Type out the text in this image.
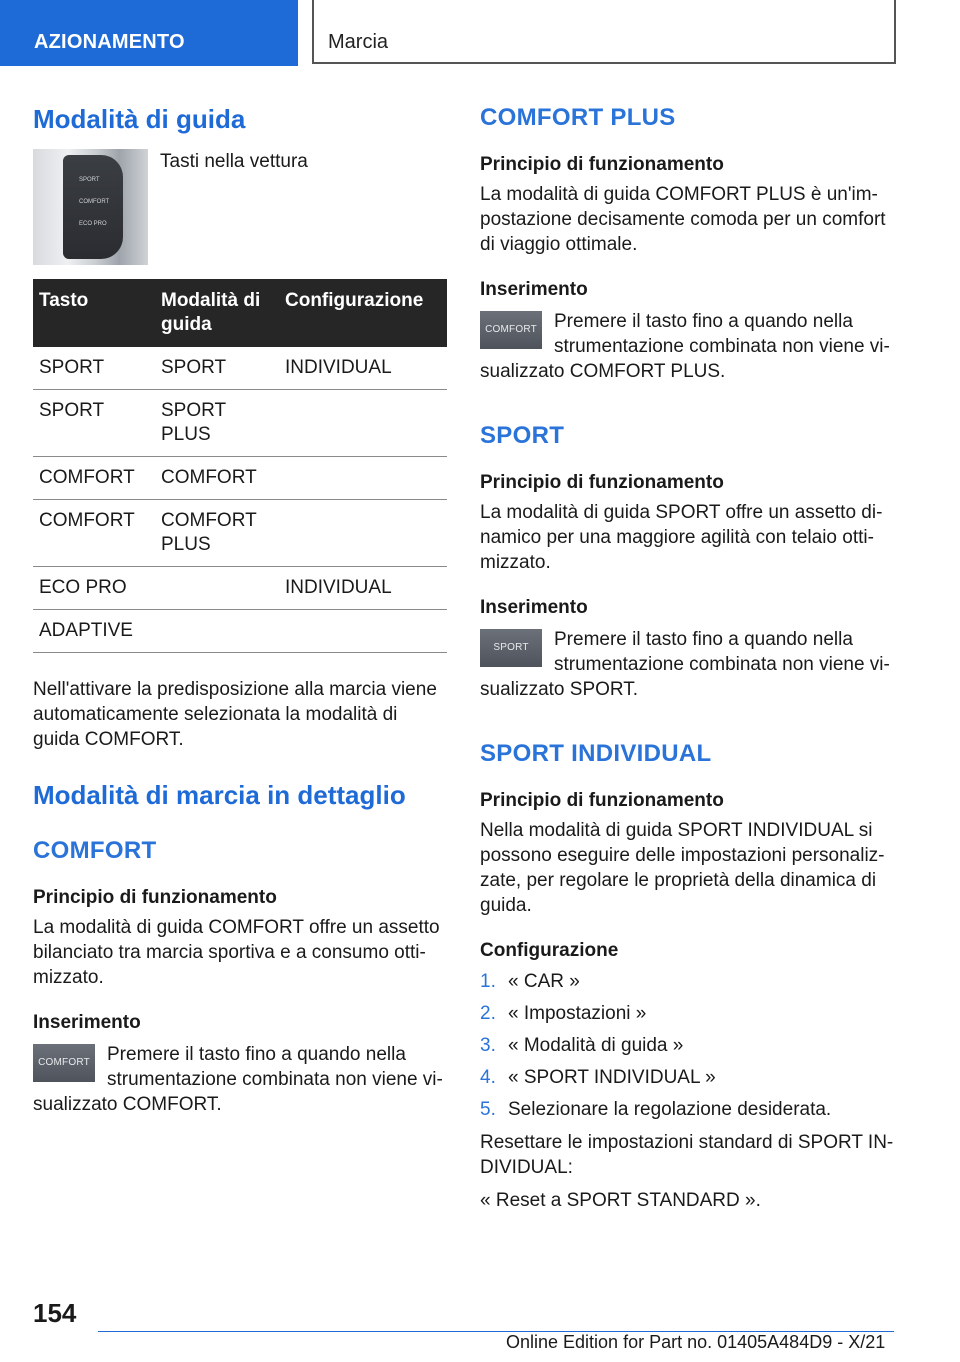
AZIONAMENTO	Marcia
Modalità di guida
SPORT
COMFORT
ECO PRO

Tasti nella vettura

Tasto	Modalità di guida	Configurazione
SPORT	SPORT	INDIVIDUAL
SPORT	SPORT PLUS	
COMFORT	COMFORT	
COMFORT	COMFORT PLUS	
ECO PRO		INDIVIDUAL
ADAPTIVE		

Nell'attivare la predisposizione alla marcia viene automaticamente selezionata la modalità di guida COMFORT.

Modalità di marcia in dettaglio
COMFORT
Principio di funzionamento

La modalità di guida COMFORT offre un assetto bilanciato tra marcia sportiva e a consumo otti-mizzato.

Inserimento
COMFORT Premere il tasto fino a quando nella strumentazione combinata non viene vi-sualizzato COMFORT.

COMFORT PLUS
Principio di funzionamento

La modalità di guida COMFORT PLUS è un'im-postazione decisamente comoda per un comfort di viaggio ottimale.

Inserimento
COMFORT Premere il tasto fino a quando nella strumentazione combinata non viene vi-sualizzato COMFORT PLUS.

SPORT
Principio di funzionamento

La modalità di guida SPORT offre un assetto di-namico per una maggiore agilità con telaio otti-mizzato.

Inserimento
SPORT	Premere il tasto fino a quando nella strumentazione combinata non viene vi-sualizzato SPORT.

SPORT INDIVIDUAL
Principio di funzionamento

Nella modalità di guida SPORT INDIVIDUAL si possono eseguire delle impostazioni personaliz-zate, per regolare le proprietà della dinamica di guida.

Configurazione
1. « CAR »
2. « Impostazioni »
3. « Modalità di guida »
4. « SPORT INDIVIDUAL »
5. Selezionare la regolazione desiderata.

Resettare le impostazioni standard di SPORT IN-DIVIDUAL:

« Reset a SPORT STANDARD ».

154
Online Edition for Part no. 01405A484D9 - X/21
